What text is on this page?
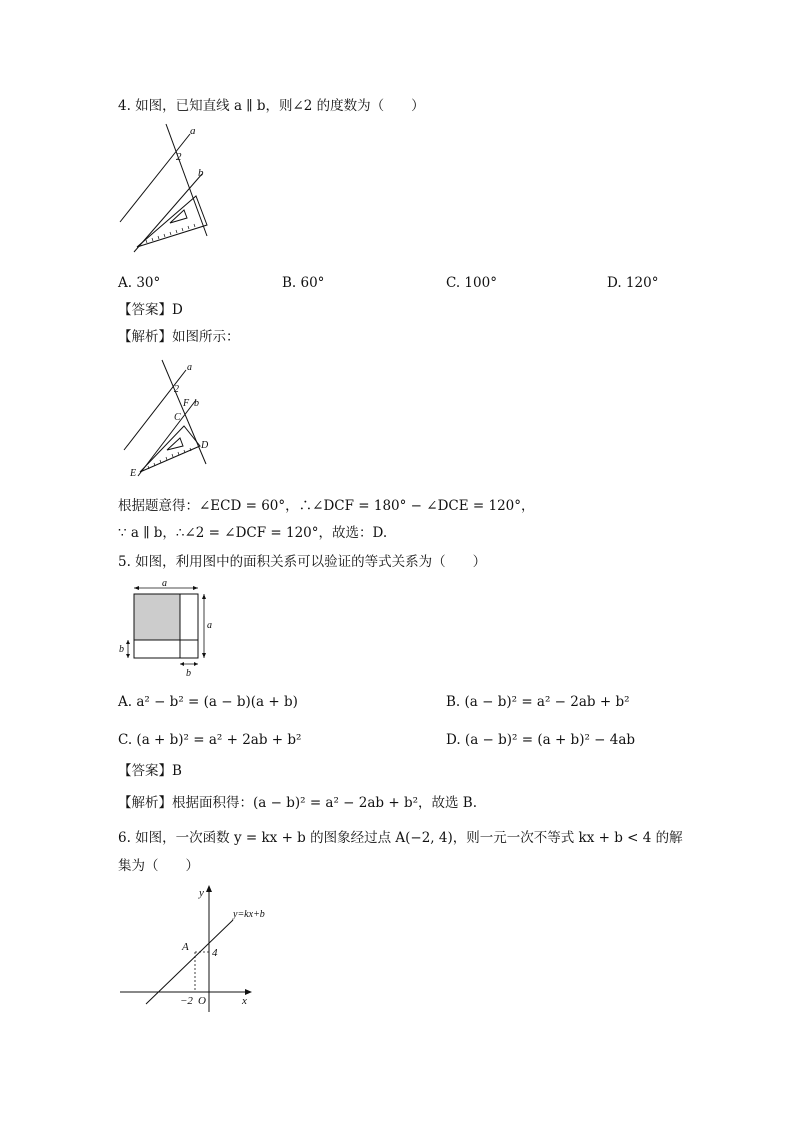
4. 如图，已知直线 a ∥ b，则∠2 的度数为（　　）
a
2
b
A. 30°	B. 60°	C. 100°	D. 120°
【答案】D
【解析】如图所示：
a
2
F b
C
D
E
根据题意得：∠ECD = 60°，∴∠DCF = 180° − ∠DCE = 120°，
∵ a ∥ b，∴∠2 = ∠DCF = 120°，故选：D.
5. 如图，利用图中的面积关系可以验证的等式关系为（　　）
a
a
b
b
A. a² − b² = (a − b)(a + b)	B. (a − b)² = a² − 2ab + b²
C. (a + b)² = a² + 2ab + b²	D. (a − b)² = (a + b)² − 4ab
【答案】B
【解析】根据面积得：(a − b)² = a² − 2ab + b²，故选 B.
6. 如图，一次函数 y = kx + b 的图象经过点 A(−2, 4)，则一元一次不等式 kx + b < 4 的解
集为（　　）
y
y=kx+b
A 4
−2 O	x
